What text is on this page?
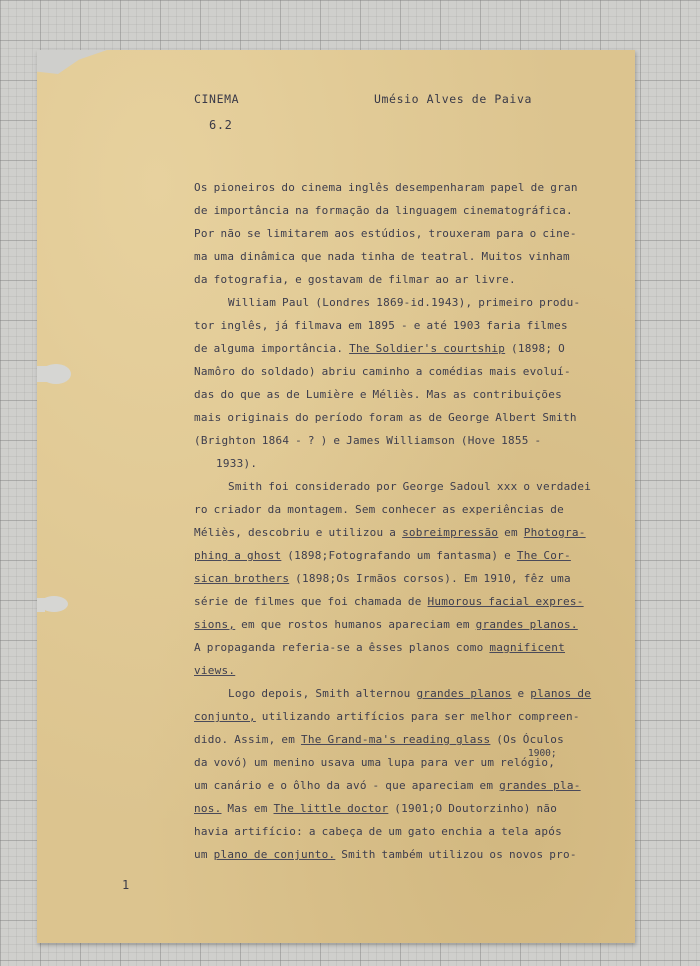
CINEMA	Umésio Alves de Paiva

6.2

Os pioneiros do cinema inglês desempenharam papel de gran
de importância na formação da linguagem cinematográfica.
Por não se limitarem aos estúdios, trouxeram para o cine-
ma uma dinâmica que nada tinha de teatral. Muitos vinham
da fotografia, e gostavam de filmar ao ar livre.
William Paul (Londres 1869-id.1943), primeiro produ-
tor inglês, já filmava em 1895 - e até 1903 faria filmes
de alguma importância. The Soldier's courtship (1898; O
Namôro do soldado) abriu caminho a comédias mais evoluí-
das do que as de Lumière e Méliès. Mas as contribuições
mais originais do período foram as de George Albert Smith
(Brighton 1864 - ? ) e James Williamson (Hove 1855 -
1933).
Smith foi considerado por George Sadoul xxx o verdadei
ro criador da montagem. Sem conhecer as experiências de
Méliès, descobriu e utilizou a sobreimpressão em Photogra-
phing a ghost (1898;Fotografando um fantasma) e The Cor-
sican brothers (1898;Os Irmãos corsos). Em 1910, fêz uma
série de filmes que foi chamada de Humorous facial expres-
sions, em que rostos humanos apareciam em grandes planos.
A propaganda referia-se a êsses planos como magnificent
views.
Logo depois, Smith alternou grandes planos e planos de
conjunto, utilizando artifícios para ser melhor compreen-
dido. Assim, em The Grand-ma's reading glass (Os Óculos
da vovó) um menino usava uma lupa para ver um relógio,
um canário e o ôlho da avó - que apareciam em grandes pla-
nos. Mas em The little doctor (1901;O Doutorzinho) não
havia artifício: a cabeça de um gato enchia a tela após
um plano de conjunto. Smith também utilizou os novos pro-

1900;

1
